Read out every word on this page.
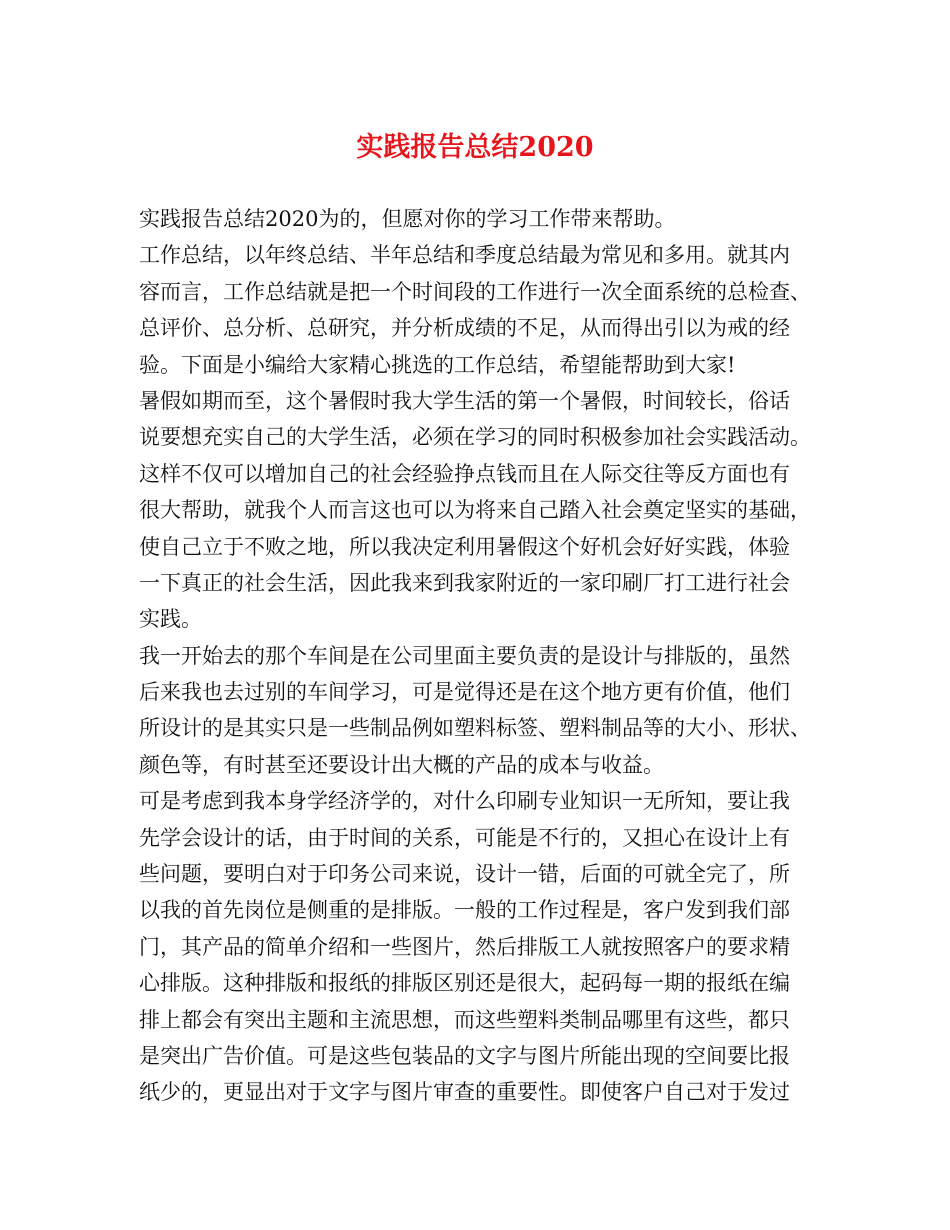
实践报告总结2020
实践报告总结2020为的，但愿对你的学习工作带来帮助。
工作总结，以年终总结、半年总结和季度总结最为常见和多用。就其内
容而言，工作总结就是把一个时间段的工作进行一次全面系统的总检查、
总评价、总分析、总研究，并分析成绩的不足，从而得出引以为戒的经
验。下面是小编给大家精心挑选的工作总结，希望能帮助到大家!
暑假如期而至，这个暑假时我大学生活的第一个暑假，时间较长，俗话
说要想充实自己的大学生活，必须在学习的同时积极参加社会实践活动。
这样不仅可以增加自己的社会经验挣点钱而且在人际交往等反方面也有
很大帮助，就我个人而言这也可以为将来自己踏入社会奠定坚实的基础，
使自己立于不败之地，所以我决定利用暑假这个好机会好好实践，体验
一下真正的社会生活，因此我来到我家附近的一家印刷厂打工进行社会
实践。
我一开始去的那个车间是在公司里面主要负责的是设计与排版的，虽然
后来我也去过别的车间学习，可是觉得还是在这个地方更有价值，他们
所设计的是其实只是一些制品例如塑料标签、塑料制品等的大小、形状、
颜色等，有时甚至还要设计出大概的产品的成本与收益。
可是考虑到我本身学经济学的，对什么印刷专业知识一无所知，要让我
先学会设计的话，由于时间的关系，可能是不行的，又担心在设计上有
些问题，要明白对于印务公司来说，设计一错，后面的可就全完了，所
以我的首先岗位是侧重的是排版。一般的工作过程是，客户发到我们部
门，其产品的简单介绍和一些图片，然后排版工人就按照客户的要求精
心排版。这种排版和报纸的排版区别还是很大，起码每一期的报纸在编
排上都会有突出主题和主流思想，而这些塑料类制品哪里有这些，都只
是突出广告价值。可是这些包装品的文字与图片所能出现的空间要比报
纸少的，更显出对于文字与图片审查的重要性。即使客户自己对于发过
